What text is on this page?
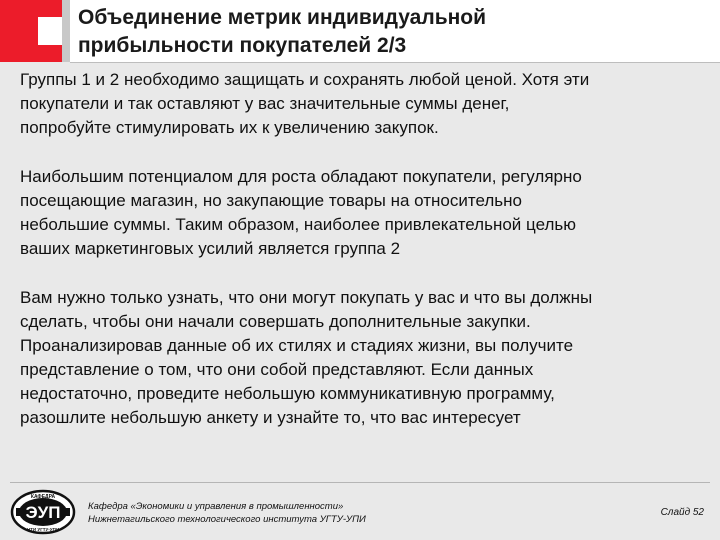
Объединение метрик индивидуальной
прибыльности покупателей 2/3

Группы 1 и 2 необходимо защищать и сохранять любой ценой. Хотя эти
покупатели и так оставляют у вас значительные суммы денег,
попробуйте стимулировать их к увеличению закупок.

Наибольшим потенциалом для роста обладают покупатели, регулярно
посещающие магазин, но закупающие товары на относительно
небольшие суммы. Таким образом, наиболее привлекательной целью
ваших маркетинговых усилий является группа 2

Вам нужно только узнать, что они могут покупать у вас и что вы должны
сделать, чтобы они начали совершать дополнительные закупки.
Проанализировав данные об их стилях и стадиях жизни, вы получите
представление о том, что они собой представляют. Если данных
недостаточно, проведите небольшую коммуникативную программу,
разошлите небольшую анкету и узнайте то, что вас интересует

КАФЕДРА
ЭУП
НТИ УГТУ-УПИ
Кафедра «Экономики и управления в промышленности»
Нижнетагильского технологического института УГТУ-УПИ
Слайд 52
